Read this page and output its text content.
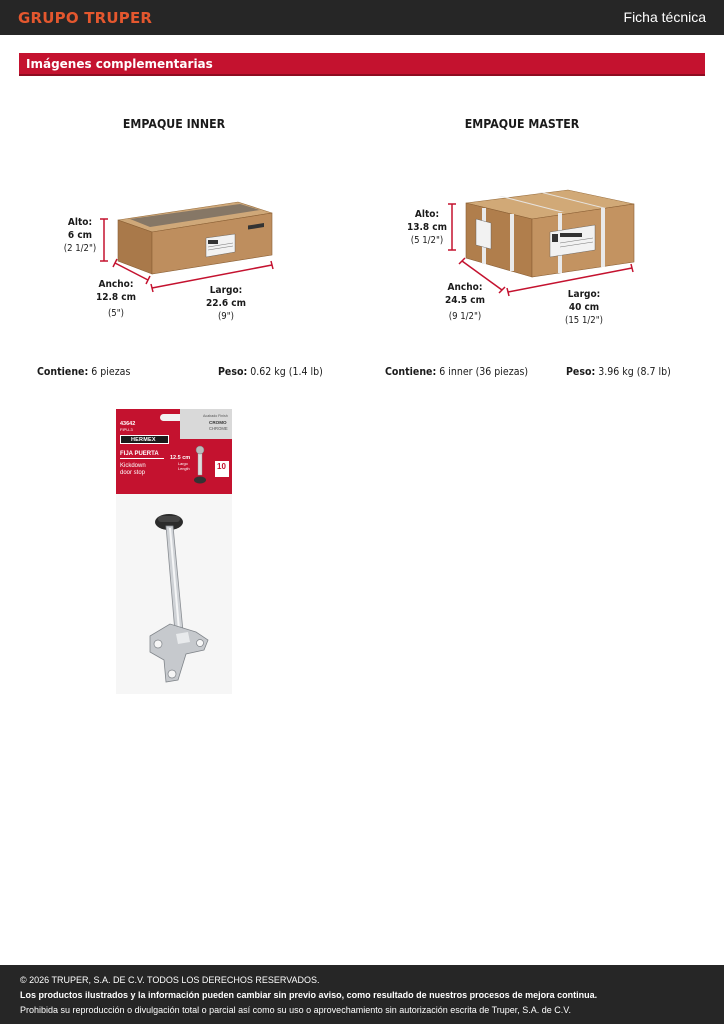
GRUPO TRUPER	Ficha técnica
Imágenes complementarias
EMPAQUE INNER
Alto:
6 cm
(2 1/2")
Ancho:
12.8 cm
(5")
Largo:
22.6 cm
(9")
Contiene: 6 piezas	Peso: 0.62 kg (1.4 lb)
EMPAQUE MASTER
Alto:
13.8 cm
(5 1/2")
Ancho:
24.5 cm
(9 1/2")
Largo:
40 cm
(15 1/2")
Contiene: 6 inner (36 piezas)	Peso: 3.96 kg (8.7 lb)
Acabado Finish
CROMO
CHROME
43642
FIPU-3
HERMEX
FIJA PUERTA
Kickdown
door stop
12.5 cm
Largo
Length	10
© 2026 TRUPER, S.A. DE C.V. TODOS LOS DERECHOS RESERVADOS.
Los productos ilustrados y la información pueden cambiar sin previo aviso, como resultado de nuestros procesos de mejora continua.
Prohibida su reproducción o divulgación total o parcial así como su uso o aprovechamiento sin autorización escrita de Truper, S.A. de C.V.
